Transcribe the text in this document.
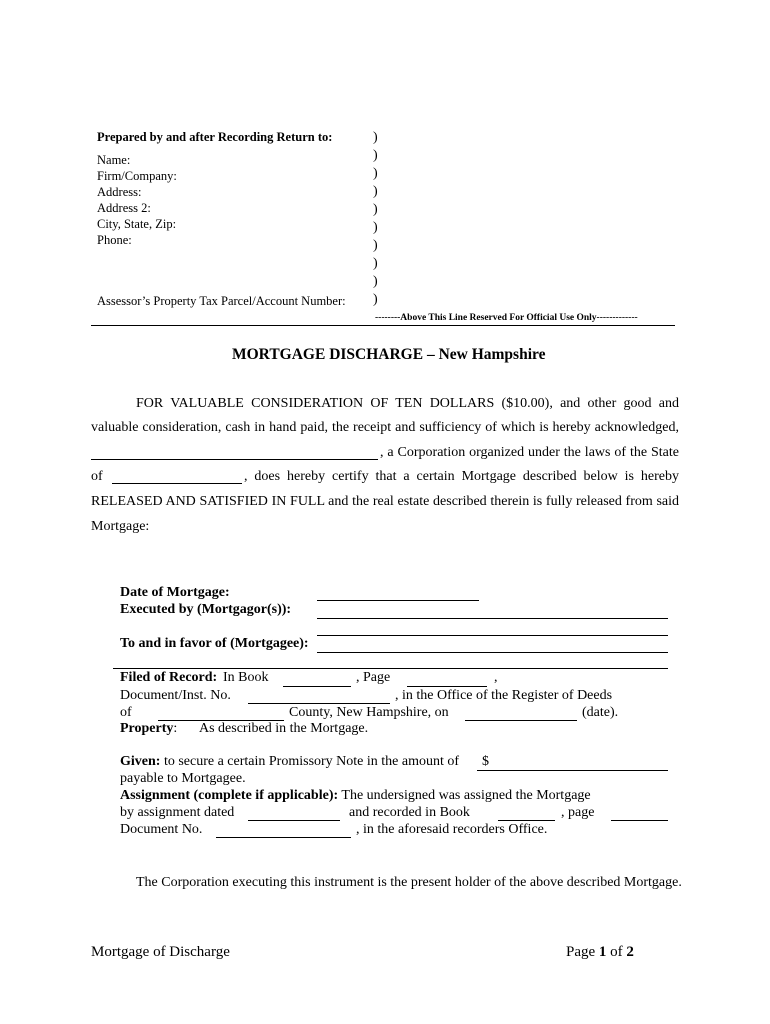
Prepared by and after Recording Return to:
Name:
Firm/Company:
Address:
Address 2:
City, State, Zip:
Phone:
Assessor’s Property Tax Parcel/Account Number:
)
)
)
)
)
)
)
)
)
)
--------Above This Line Reserved For Official Use Only-------------
MORTGAGE DISCHARGE – New Hampshire
FOR VALUABLE CONSIDERATION OF TEN DOLLARS ($10.00), and other good and
valuable consideration, cash in hand paid, the receipt and sufficiency of which is hereby acknowledged,
, a Corporation organized under the laws of the State
of	, does hereby certify that a certain Mortgage described below is hereby
RELEASED AND SATISFIED IN FULL and the real estate described therein is fully released from said
Mortgage:
Date of Mortgage:
Executed by (Mortgagor(s)):
To and in favor of (Mortgagee):
Filed of Record: In Book	, Page	,
Document/Inst. No.	, in the Office of the Register of Deeds
of	County, New Hampshire, on	(date).
Property: As described in the Mortgage.
Given: to secure a certain Promissory Note in the amount of $
payable to Mortgagee.
Assignment (complete if applicable): The undersigned was assigned the Mortgage
by assignment dated	and recorded in Book	, page
Document No.	, in the aforesaid recorders Office.
The Corporation executing this instrument is the present holder of the above described Mortgage.
Mortgage of Discharge	Page 1 of 2
